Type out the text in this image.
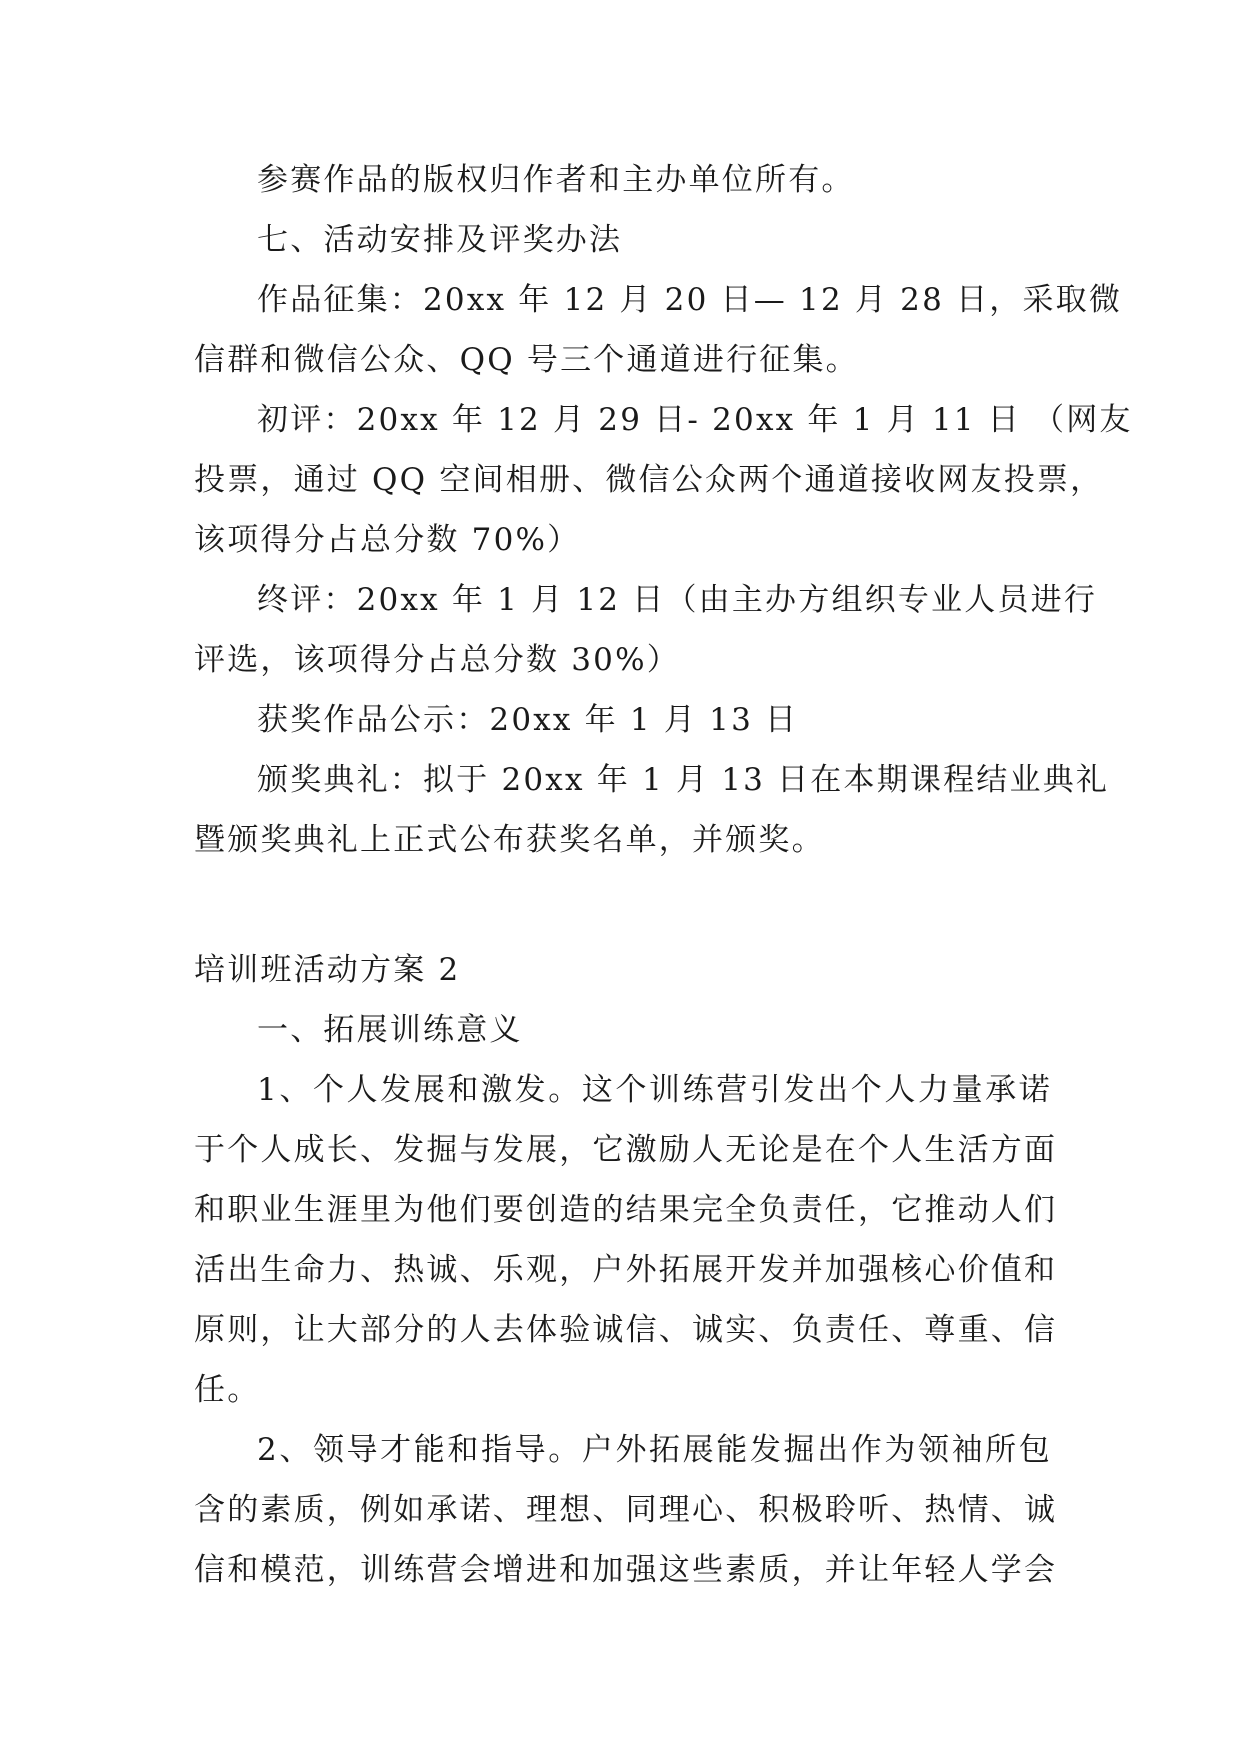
参赛作品的版权归作者和主办单位所有。
七、活动安排及评奖办法
作品征集：20xx 年 12 月 20 日— 12 月 28 日，采取微
信群和微信公众、QQ 号三个通道进行征集。
初评：20xx 年 12 月 29 日- 20xx 年 1 月 11 日 （网友
投票，通过 QQ 空间相册、微信公众两个通道接收网友投票，
该项得分占总分数 70%）
终评：20xx 年 1 月 12 日（由主办方组织专业人员进行
评选，该项得分占总分数 30%）
获奖作品公示：20xx 年 1 月 13 日
颁奖典礼：拟于 20xx 年 1 月 13 日在本期课程结业典礼
暨颁奖典礼上正式公布获奖名单，并颁奖。
培训班活动方案 2
一、拓展训练意义
1、个人发展和激发。这个训练营引发出个人力量承诺
于个人成长、发掘与发展，它激励人无论是在个人生活方面
和职业生涯里为他们要创造的结果完全负责任，它推动人们
活出生命力、热诚、乐观，户外拓展开发并加强核心价值和
原则，让大部分的人去体验诚信、诚实、负责任、尊重、信
任。
2、领导才能和指导。户外拓展能发掘出作为领袖所包
含的素质，例如承诺、理想、同理心、积极聆听、热情、诚
信和模范，训练营会增进和加强这些素质，并让年轻人学会
